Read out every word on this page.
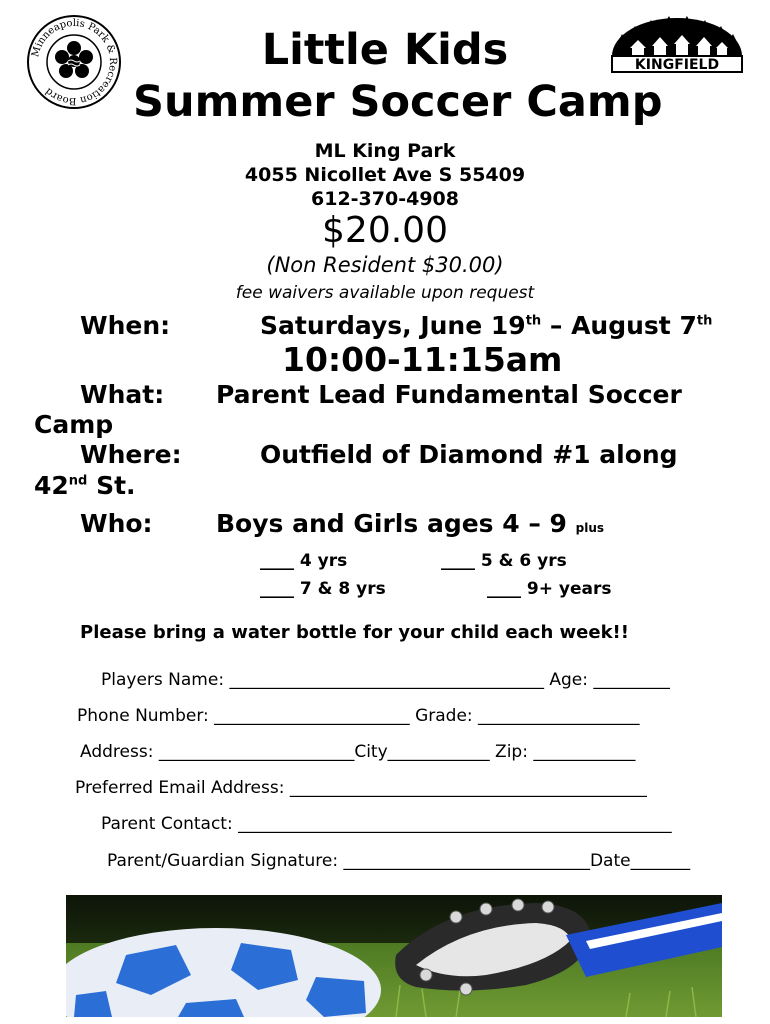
Minneapolis Park & Recreation Board
KINGFIELD
Little Kids
Summer Soccer Camp
ML King Park
4055 Nicollet Ave S 55409
612-370-4908
$20.00
(Non Resident $30.00)
fee waivers available upon request
When:	Saturdays, June 19th – August 7th
10:00-11:15am
What: Parent Lead Fundamental Soccer
Camp
Where:	Outfield of Diamond #1 along
42nd St.
Who:	Boys and Girls ages 4 – 9 plus
____ 4 yrs	____ 5 & 6 yrs
____ 7 & 8 yrs	____ 9+ years
Please bring a water bottle for your child each week!!
Players Name: _____________________________________ Age: _________
Phone Number: _______________________ Grade: ___________________
Address: _______________________City____________ Zip: ____________
Preferred Email Address: __________________________________________
Parent Contact: ___________________________________________________
Parent/Guardian Signature: _____________________________Date_______
